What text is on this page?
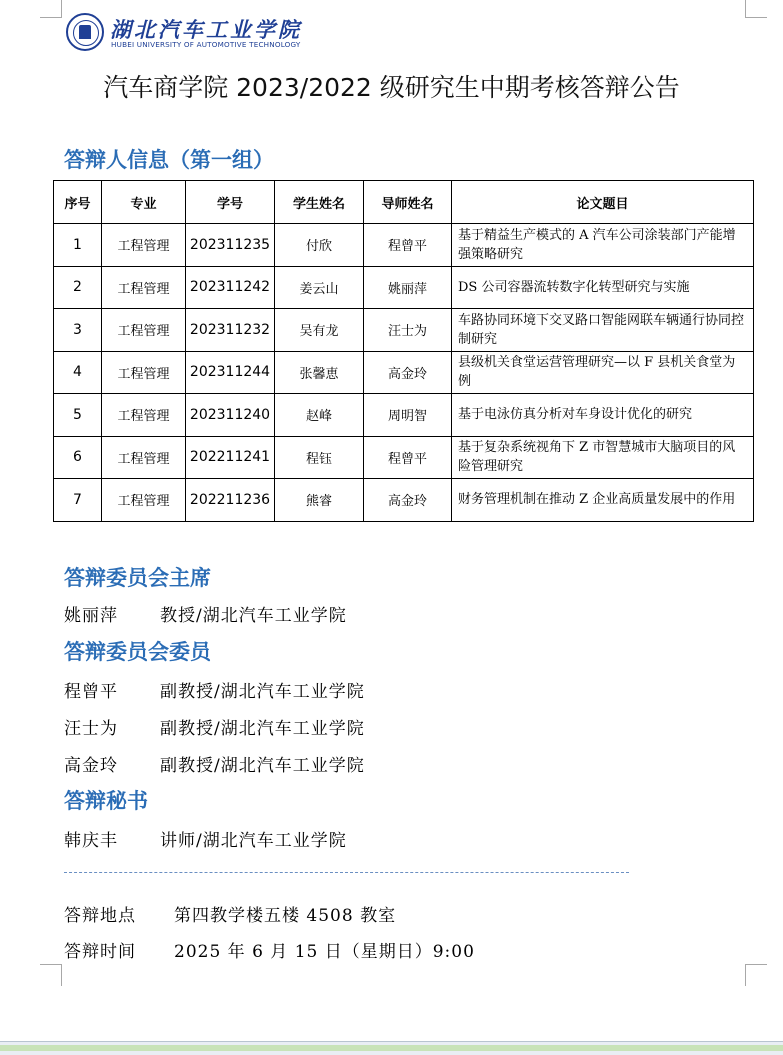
湖北汽车工业学院
HUBEI UNIVERSITY OF AUTOMOTIVE TECHNOLOGY
汽车商学院 2023/2022 级研究生中期考核答辩公告
答辩人信息（第一组）
序号	专业	学号	学生姓名	导师姓名	论文题目
1	工程管理	202311235	付欣	程曾平	基于精益生产模式的 A 汽车公司涂装部门产能增强策略研究
2	工程管理	202311242	姜云山	姚丽萍	DS 公司容器流转数字化转型研究与实施
3	工程管理	202311232	吴有龙	汪士为	车路协同环境下交叉路口智能网联车辆通行协同控制研究
4	工程管理	202311244	张馨恵	高金玲	县级机关食堂运营管理研究—以 F 县机关食堂为例
5	工程管理	202311240	赵峰	周明智	基于电泳仿真分析对车身设计优化的研究
6	工程管理	202211241	程钰	程曾平	基于复杂系统视角下 Z 市智慧城市大脑项目的风险管理研究
7	工程管理	202211236	熊睿	高金玲	财务管理机制在推动 Z 企业高质量发展中的作用
答辩委员会主席
姚丽萍 教授/湖北汽车工业学院
答辩委员会委员
程曾平 副教授/湖北汽车工业学院
汪士为 副教授/湖北汽车工业学院
高金玲 副教授/湖北汽车工业学院
答辩秘书
韩庆丰 讲师/湖北汽车工业学院
答辩地点 第四教学楼五楼 4508 教室
答辩时间 2025 年 6 月 15 日（星期日）9:00
